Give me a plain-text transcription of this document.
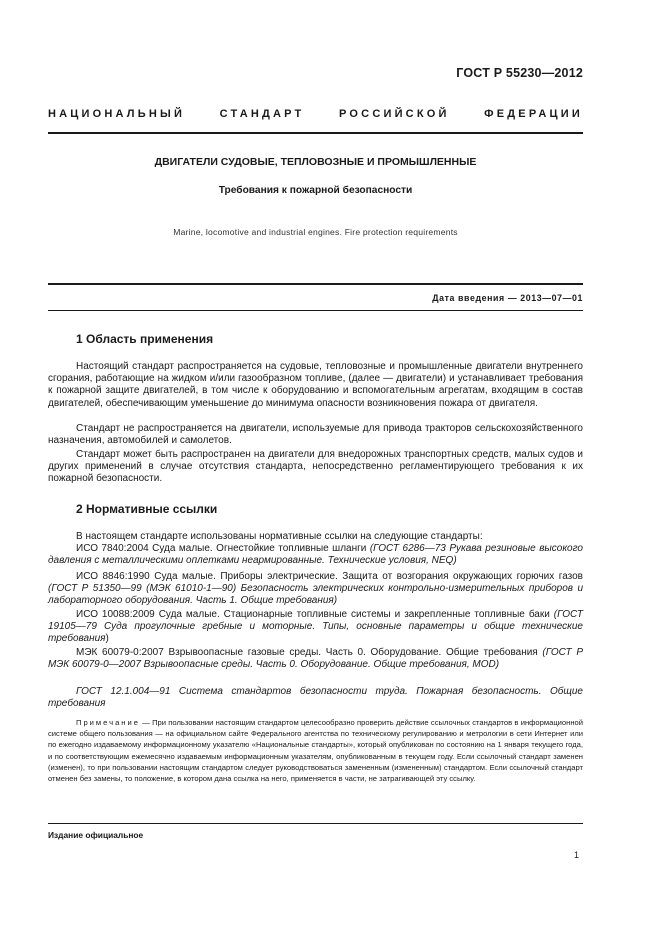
ГОСТ Р 55230—2012
НАЦИОНАЛЬНЫЙ СТАНДАРТ РОССИЙСКОЙ ФЕДЕРАЦИИ
ДВИГАТЕЛИ СУДОВЫЕ, ТЕПЛОВОЗНЫЕ И ПРОМЫШЛЕННЫЕ
Требования к пожарной безопасности
Marine, locomotive and industrial engines. Fire protection requirements
Дата введения — 2013—07—01
1 Область применения
Настоящий стандарт распространяется на судовые, тепловозные и промышленные двигатели внутреннего сгорания, работающие на жидком и/или газообразном топливе, (далее — двигатели) и устанавливает требования к пожарной защите двигателей, в том числе к оборудованию и вспомогательным агрегатам, входящим в состав двигателей, обеспечивающим уменьшение до минимума опасности возникновения пожара от двигателя.
Стандарт не распространяется на двигатели, используемые для привода тракторов сельскохозяйственного назначения, автомобилей и самолетов.
Стандарт может быть распространен на двигатели для внедорожных транспортных средств, малых судов и других применений в случае отсутствия стандарта, непосредственно регламентирующего требования к их пожарной безопасности.
2 Нормативные ссылки
В настоящем стандарте использованы нормативные ссылки на следующие стандарты:
ИСО 7840:2004 Суда малые. Огнестойкие топливные шланги (ГОСТ 6286—73 Рукава резиновые высокого давления с металлическими оплетками неармированные. Технические условия, NEQ)
ИСО 8846:1990 Суда малые. Приборы электрические. Защита от возгорания окружающих горючих газов (ГОСТ Р 51350—99 (МЭК 61010-1—90) Безопасность электрических контрольно-измерительных приборов и лабораторного оборудования. Часть 1. Общие требования)
ИСО 10088:2009 Суда малые. Стационарные топливные системы и закрепленные топливные баки (ГОСТ 19105—79 Суда прогулочные гребные и моторные. Типы, основные параметры и общие технические требования)
МЭК 60079-0:2007 Взрывоопасные газовые среды. Часть 0. Оборудование. Общие требования (ГОСТ Р МЭК 60079-0—2007 Взрывоопасные среды. Часть 0. Оборудование. Общие требования, MOD)
ГОСТ 12.1.004—91 Система стандартов безопасности труда. Пожарная безопасность. Общие требования
Примечание — При пользовании настоящим стандартом целесообразно проверить действие ссылочных стандартов в информационной системе общего пользования — на официальном сайте Федерального агентства по техническому регулированию и метрологии в сети Интернет или по ежегодно издаваемому информационному указателю «Национальные стандарты», который опубликован по состоянию на 1 января текущего года, и по соответствующим ежемесячно издаваемым информационным указателям, опубликованным в текущем году. Если ссылочный стандарт заменен (изменен), то при пользовании настоящим стандартом следует руководствоваться замененным (измененным) стандартом. Если ссылочный стандарт отменен без замены, то положение, в котором дана ссылка на него, применяется в части, не затрагивающей эту ссылку.
Издание официальное
1
